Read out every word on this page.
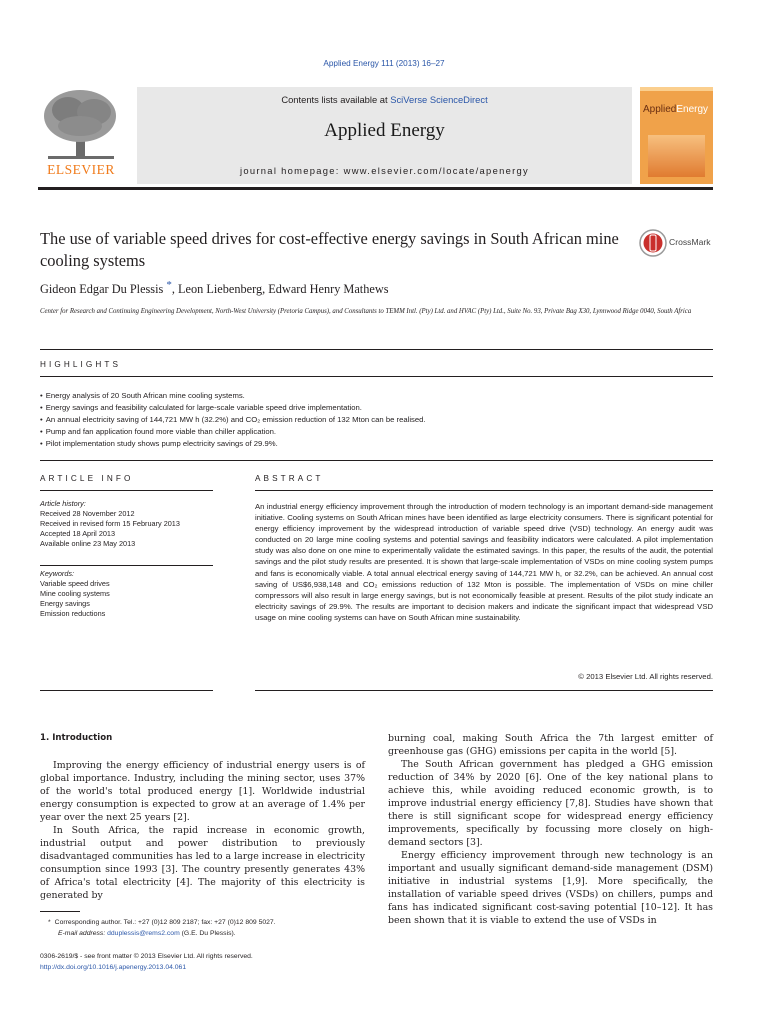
Applied Energy 111 (2013) 16–27
ELSEVIER
Contents lists available at SciVerse ScienceDirect
Applied Energy
journal homepage: www.elsevier.com/locate/apenergy
AppliedEnergy
The use of variable speed drives for cost-effective energy savings in South African mine cooling systems
CrossMark
Gideon Edgar Du Plessis *, Leon Liebenberg, Edward Henry Mathews
Center for Research and Continuing Engineering Development, North-West University (Pretoria Campus), and Consultants to TEMM Intl. (Pty) Ltd. and HVAC (Pty) Ltd., Suite No. 93, Private Bag X30, Lynnwood Ridge 0040, South Africa
HIGHLIGHTS
• Energy analysis of 20 South African mine cooling systems.
• Energy savings and feasibility calculated for large-scale variable speed drive implementation.
• An annual electricity saving of 144,721 MW h (32.2%) and CO₂ emission reduction of 132 Mton can be realised.
• Pump and fan application found more viable than chiller application.
• Pilot implementation study shows pump electricity savings of 29.9%.
ARTICLE INFO
Article history:
Received 28 November 2012
Received in revised form 15 February 2013
Accepted 18 April 2013
Available online 23 May 2013
Keywords:
Variable speed drives
Mine cooling systems
Energy savings
Emission reductions
ABSTRACT
An industrial energy efficiency improvement through the introduction of modern technology is an important demand-side management initiative. Cooling systems on South African mines have been identified as large electricity consumers. There is significant potential for energy efficiency improvement by the widespread introduction of variable speed drive (VSD) technology. An energy audit was conducted on 20 large mine cooling systems and potential savings and feasibility indicators were calculated. A pilot implementation study was also done on one mine to experimentally validate the estimated savings. In this paper, the results of the audit, the potential savings and the pilot study results are presented. It is shown that large-scale implementation of VSDs on mine cooling system pumps and fans is economically viable. A total annual electrical energy saving of 144,721 MW h, or 32.2%, can be achieved. An annual cost saving of US$6,938,148 and CO₂ emissions reduction of 132 Mton is possible. The implementation of VSDs on mine chiller compressors will also result in large energy savings, but is not economically feasible at present. Results of the pilot study indicate an electricity savings of 29.9%. The results are important to decision makers and indicate the significant impact that widespread VSD usage on mine cooling systems can have on South African mine sustainability.
© 2013 Elsevier Ltd. All rights reserved.
1. Introduction

Improving the energy efficiency of industrial energy users is of global importance. Industry, including the mining sector, uses 37% of the world's total produced energy [1]. Worldwide industrial energy consumption is expected to grow at an average of 1.4% per year over the next 25 years [2].

In South Africa, the rapid increase in economic growth, industrial output and power distribution to previously disadvantaged communities has led to a large increase in electricity consumption since 1993 [3]. The country presently generates 43% of Africa's total electricity [4]. The majority of this electricity is generated by

burning coal, making South Africa the 7th largest emitter of greenhouse gas (GHG) emissions per capita in the world [5].

The South African government has pledged a GHG emission reduction of 34% by 2020 [6]. One of the key national plans to achieve this, while avoiding reduced economic growth, is to improve industrial energy efficiency [7,8]. Studies have shown that there is still significant scope for widespread energy efficiency improvements, specifically by focussing more closely on high-demand sectors [3].

Energy efficiency improvement through new technology is an important and usually significant demand-side management (DSM) initiative in industrial systems [1,9]. More specifically, the installation of variable speed drives (VSDs) on chillers, pumps and fans has indicated significant cost-saving potential [10–12]. It has been shown that it is viable to extend the use of VSDs in

* Corresponding author. Tel.: +27 (0)12 809 2187; fax: +27 (0)12 809 5027.
E-mail address: dduplessis@rems2.com (G.E. Du Plessis).
0306-2619/$ - see front matter © 2013 Elsevier Ltd. All rights reserved.
http://dx.doi.org/10.1016/j.apenergy.2013.04.061
